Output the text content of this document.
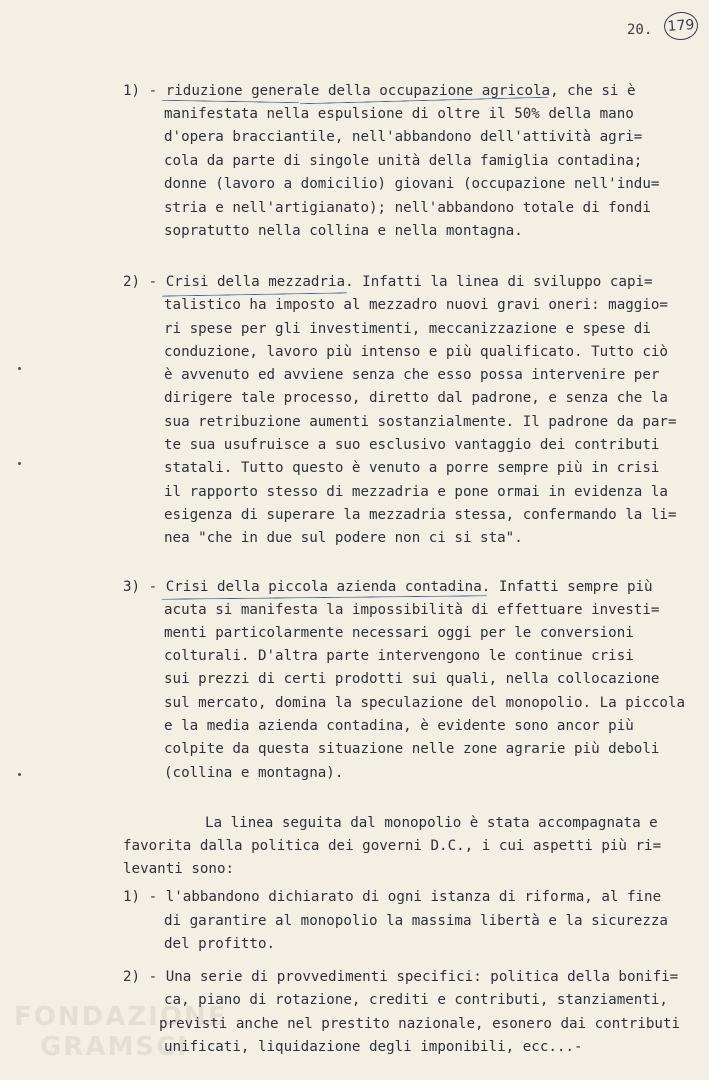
20. 179
FONDAZIONE
GRAMSCI
1) - riduzione generale della occupazione agricola, che si è
manifestata nella espulsione di oltre il 50% della mano
d'opera bracciantile, nell'abbandono dell'attività agri=
cola da parte di singole unità della famiglia contadina;
donne (lavoro a domicilio) giovani (occupazione nell'indu=
stria e nell'artigianato); nell'abbandono totale di fondi
sopratutto nella collina e nella montagna.
2) - Crisi della mezzadria. Infatti la linea di sviluppo capi=
talistico ha imposto al mezzadro nuovi gravi oneri: maggio=
ri spese per gli investimenti, meccanizzazione e spese di
conduzione, lavoro più intenso e più qualificato. Tutto ciò
è avvenuto ed avviene senza che esso possa intervenire per
dirigere tale processo, diretto dal padrone, e senza che la
sua retribuzione aumenti sostanzialmente. Il padrone da par=
te sua usufruisce a suo esclusivo vantaggio dei contributi
statali. Tutto questo è venuto a porre sempre più in crisi
il rapporto stesso di mezzadria e pone ormai in evidenza la
esigenza di superare la mezzadria stessa, confermando la li=
nea "che in due sul podere non ci si sta".
3) - Crisi della piccola azienda contadina. Infatti sempre più
acuta si manifesta la impossibilità di effettuare investi=
menti particolarmente necessari oggi per le conversioni
colturali. D'altra parte intervengono le continue crisi
sui prezzi di certi prodotti sui quali, nella collocazione
sul mercato, domina la speculazione del monopolio. La piccola
e la media azienda contadina, è evidente sono ancor più
colpite da questa situazione nelle zone agrarie più deboli
(collina e montagna).
La linea seguita dal monopolio è stata accompagnata e
favorita dalla politica dei governi D.C., i cui aspetti più ri=
levanti sono:
1) - l'abbandono dichiarato di ogni istanza di riforma, al fine
di garantire al monopolio la massima libertà e la sicurezza
del profitto.
2) - Una serie di provvedimenti specifici: politica della bonifi=
ca, piano di rotazione, crediti e contributi, stanziamenti,
previsti anche nel prestito nazionale, esonero dai contributi
unificati, liquidazione degli imponibili, ecc...-
